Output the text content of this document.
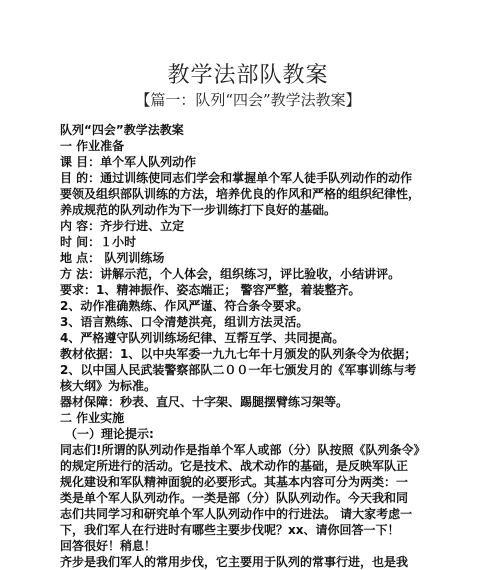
教学法部队教案
【篇一：队列“四会”教学法教案】
队列“四会”教学法教案
一 作业准备
课 目：单个军人队列动作
目 的：通过训练使同志们学会和掌握单个军人徒手队列动作的动作
要领及组织部队训练的方法，培养优良的作风和严格的组织纪律性，
养成规范的队列动作为下一步训练打下良好的基础。
内 容：齐步行进、立定
时 间：１小时
地 点： 队列训练场
方 法：讲解示范，个人体会，组织练习，评比验收，小结讲评。
要求：1、精神振作、姿态端正； 警容严整，着装整齐。
2、动作准确熟练、作风严谨、符合条令要求。
3、语言熟练、口令清楚洪亮，组训方法灵活。
4、严格遵守队列训练场纪律、互帮互学、共同提高。
教材依据：1、以中央军委一九九七年十月颁发的队列条令为依据；
2、以中国人民武装警察部队二００一年七颁发月的《军事训练与考
核大纲》为标准。
器材保障：秒表、直尺、十字架、踢腿摆臂练习架等。
二 作业实施
（一）理论提示:
同志们!所谓的队列动作是指单个军人或部（分）队按照《队列条令》
的规定所进行的活动。它是技术、战术动作的基础，是反映军队正
规化建设和军队精神面貌的必要形式。其基本内容可分为两类：一
类是单个军人队列动作。一类是部（分）队队列动作。今天我和同
志们共同学习和研究单个军人队列动作中的行进法。 请大家考虑一
下，我们军人在行进时有哪些主要步伐呢？xx、请你回答一下！
回答很好！稍息！
齐步是我们军人的常用步伐，它主要用于队列的常事行进，也是我
